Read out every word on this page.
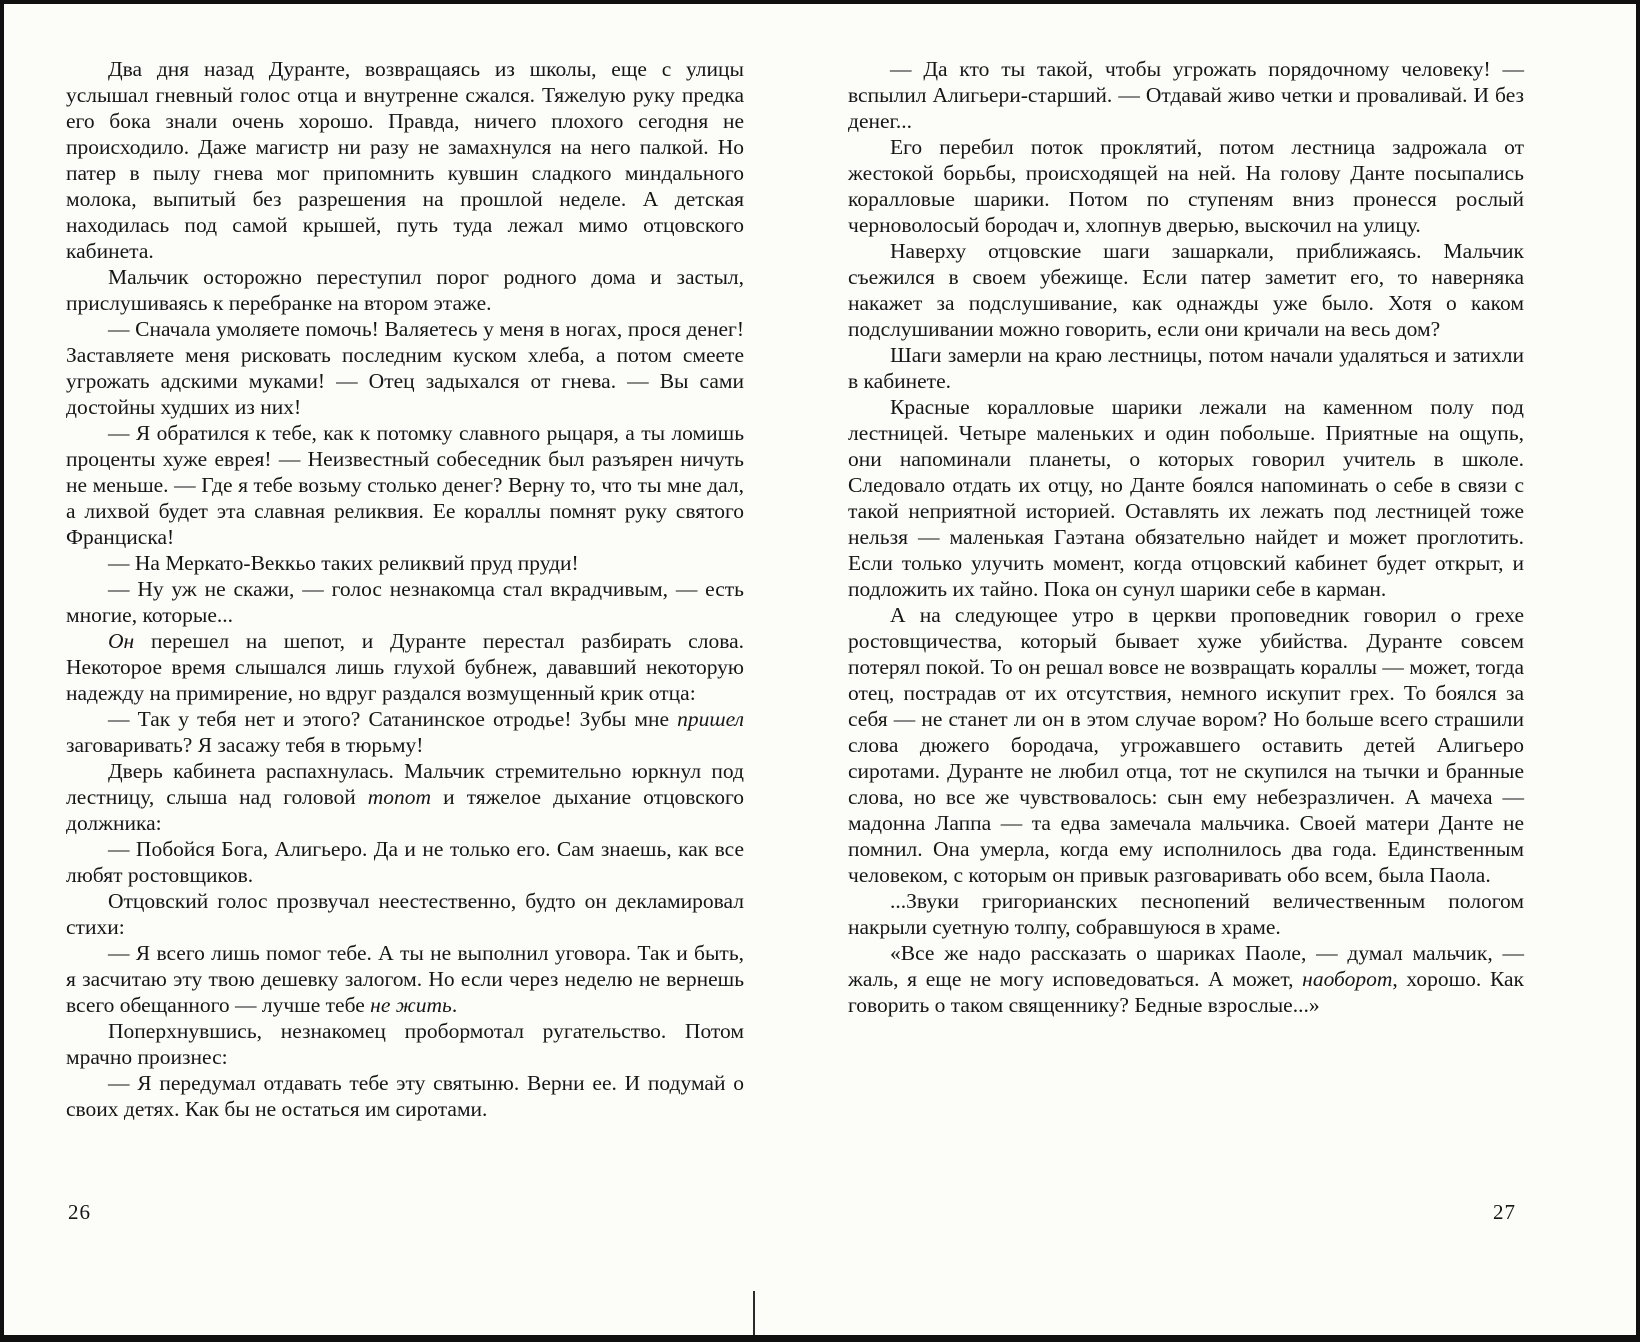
Два дня назад Дуранте, возвращаясь из школы, еще с улицы услышал гневный голос отца и внутренне сжался. Тяжелую руку предка его бока знали очень хорошо. Правда, ничего плохого сегодня не происходило. Даже магистр ни разу не замахнулся на него палкой. Но патер в пылу гнева мог припомнить кувшин сладкого миндального молока, выпитый без разрешения на прошлой неделе. А детская находилась под самой крышей, путь туда лежал мимо отцовского кабинета.

Мальчик осторожно переступил порог родного дома и застыл, прислушиваясь к перебранке на втором этаже.

— Сначала умоляете помочь! Валяетесь у меня в ногах, прося денег! Заставляете меня рисковать последним куском хлеба, а потом смеете угрожать адскими муками! — Отец задыхался от гнева. — Вы сами достойны худших из них!

— Я обратился к тебе, как к потомку славного рыцаря, а ты ломишь проценты хуже еврея! — Неизвестный собеседник был разъярен ничуть не меньше. — Где я тебе возьму столько денег? Верну то, что ты мне дал, а лихвой будет эта славная реликвия. Ее кораллы помнят руку святого Франциска!

— На Меркато-Веккьо таких реликвий пруд пруди!

— Ну уж не скажи, — голос незнакомца стал вкрадчивым, — есть многие, которые...

Он перешел на шепот, и Дуранте перестал разбирать слова. Некоторое время слышался лишь глухой бубнеж, дававший некоторую надежду на примирение, но вдруг раздался возмущенный крик отца:

— Так у тебя нет и этого? Сатанинское отродье! Зубы мне пришел заговаривать? Я засажу тебя в тюрьму!

Дверь кабинета распахнулась. Мальчик стремительно юркнул под лестницу, слыша над головой топот и тяжелое дыхание отцовского должника:

— Побойся Бога, Алигьеро. Да и не только его. Сам знаешь, как все любят ростовщиков.

Отцовский голос прозвучал неестественно, будто он декламировал стихи:

— Я всего лишь помог тебе. А ты не выполнил уговора. Так и быть, я засчитаю эту твою дешевку залогом. Но если через неделю не вернешь всего обещанного — лучше тебе не жить.

Поперхнувшись, незнакомец пробормотал ругательство. Потом мрачно произнес:

— Я передумал отдавать тебе эту святыню. Верни ее. И подумай о своих детях. Как бы не остаться им сиротами.

— Да кто ты такой, чтобы угрожать порядочному человеку! — вспылил Алигьери-старший. — Отдавай живо четки и проваливай. И без денег...

Его перебил поток проклятий, потом лестница задрожала от жестокой борьбы, происходящей на ней. На голову Данте посыпались коралловые шарики. Потом по ступеням вниз пронесся рослый черноволосый бородач и, хлопнув дверью, выскочил на улицу.

Наверху отцовские шаги зашаркали, приближаясь. Мальчик съежился в своем убежище. Если патер заметит его, то наверняка накажет за подслушивание, как однажды уже было. Хотя о каком подслушивании можно говорить, если они кричали на весь дом?

Шаги замерли на краю лестницы, потом начали удаляться и затихли в кабинете.

Красные коралловые шарики лежали на каменном полу под лестницей. Четыре маленьких и один побольше. Приятные на ощупь, они напоминали планеты, о которых говорил учитель в школе. Следовало отдать их отцу, но Данте боялся напоминать о себе в связи с такой неприятной историей. Оставлять их лежать под лестницей тоже нельзя — маленькая Гаэтана обязательно найдет и может проглотить. Если только улучить момент, когда отцовский кабинет будет открыт, и подложить их тайно. Пока он сунул шарики себе в карман.

А на следующее утро в церкви проповедник говорил о грехе ростовщичества, который бывает хуже убийства. Дуранте совсем потерял покой. То он решал вовсе не возвращать кораллы — может, тогда отец, пострадав от их отсутствия, немного искупит грех. То боялся за себя — не станет ли он в этом случае вором? Но больше всего страшили слова дюжего бородача, угрожавшего оставить детей Алигьеро сиротами. Дуранте не любил отца, тот не скупился на тычки и бранные слова, но все же чувствовалось: сын ему небезразличен. А мачеха — мадонна Лаппа — та едва замечала мальчика. Своей матери Данте не помнил. Она умерла, когда ему исполнилось два года. Единственным человеком, с которым он привык разговаривать обо всем, была Паола.

...Звуки григорианских песнопений величественным пологом накрыли суетную толпу, собравшуюся в храме.

«Все же надо рассказать о шариках Паоле, — думал мальчик, — жаль, я еще не могу исповедоваться. А может, наоборот, хорошо. Как говорить о таком священнику? Бедные взрослые...»

26	27
